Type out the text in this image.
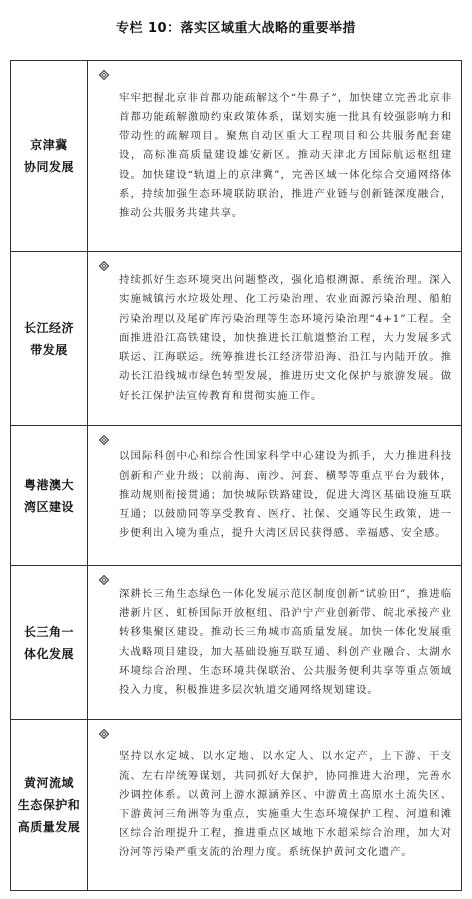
专栏 10：落实区域重大战略的重要举措
京津冀
协同发展	牢牢把握北京非首都功能疏解这个“牛鼻子”，加快建立完善北京非首都功能疏解激励约束政策体系，谋划实施一批具有较强影响力和带动性的疏解项目。聚焦自动区重大工程项目和公共服务配套建设，高标准高质量建设雄安新区。推动天津北方国际航运枢纽建设。加快建设“轨道上的京津冀”，完善区域一体化综合交通网络体系，持续加强生态环境联防联治，推进产业链与创新链深度融合，推动公共服务共建共享。

长江经济
带发展	持续抓好生态环境突出问题整改，强化追根溯源、系统治理。深入实施城镇污水垃圾处理、化工污染治理、农业面源污染治理、船舶污染治理以及尾矿库污染治理等生态环境污染治理“4+1”工程。全面推进沿江高铁建设，加快推进长江航道整治工程，大力发展多式联运、江海联运。统筹推进长江经济带沿海、沿江与内陆开放。推动长江沿线城市绿色转型发展，推进历史文化保护与旅游发展。做好长江保护法宣传教育和贯彻实施工作。

粤港澳大
湾区建设	以国际科创中心和综合性国家科学中心建设为抓手，大力推进科技创新和产业升级；以前海、南沙、河套、横琴等重点平台为载体，推动规则衔接贯通；加快城际铁路建设，促进大湾区基础设施互联互通；以鼓励同等享受教育、医疗、社保、交通等民生政策，进一步便利出入境为重点，提升大湾区居民获得感、幸福感、安全感。

长三角一
体化发展	深耕长三角生态绿色一体化发展示范区制度创新“试验田”，推进临港新片区、虹桥国际开放枢纽、沿沪宁产业创新带、皖北承接产业转移集聚区建设。推动长三角城市高质量发展。加快一体化发展重大战略项目建设，加大基础设施互联互通、科创产业融合、太湖水环境综合治理、生态环境共保联治、公共服务便利共享等重点领域投入力度，积极推进多层次轨道交通网络规划建设。

黄河流域
生态保护和
高质量发展	坚持以水定城、以水定地、以水定人、以水定产，上下游、干支流、左右岸统筹谋划，共同抓好大保护，协同推进大治理，完善水沙调控体系。以黄河上游水源涵养区、中游黄土高原水土流失区、下游黄河三角洲等为重点，实施重大生态环境保护工程、河道和滩区综合治理提升工程，推进重点区域地下水超采综合治理，加大对汾河等污染严重支流的治理力度。系统保护黄河文化遗产。
